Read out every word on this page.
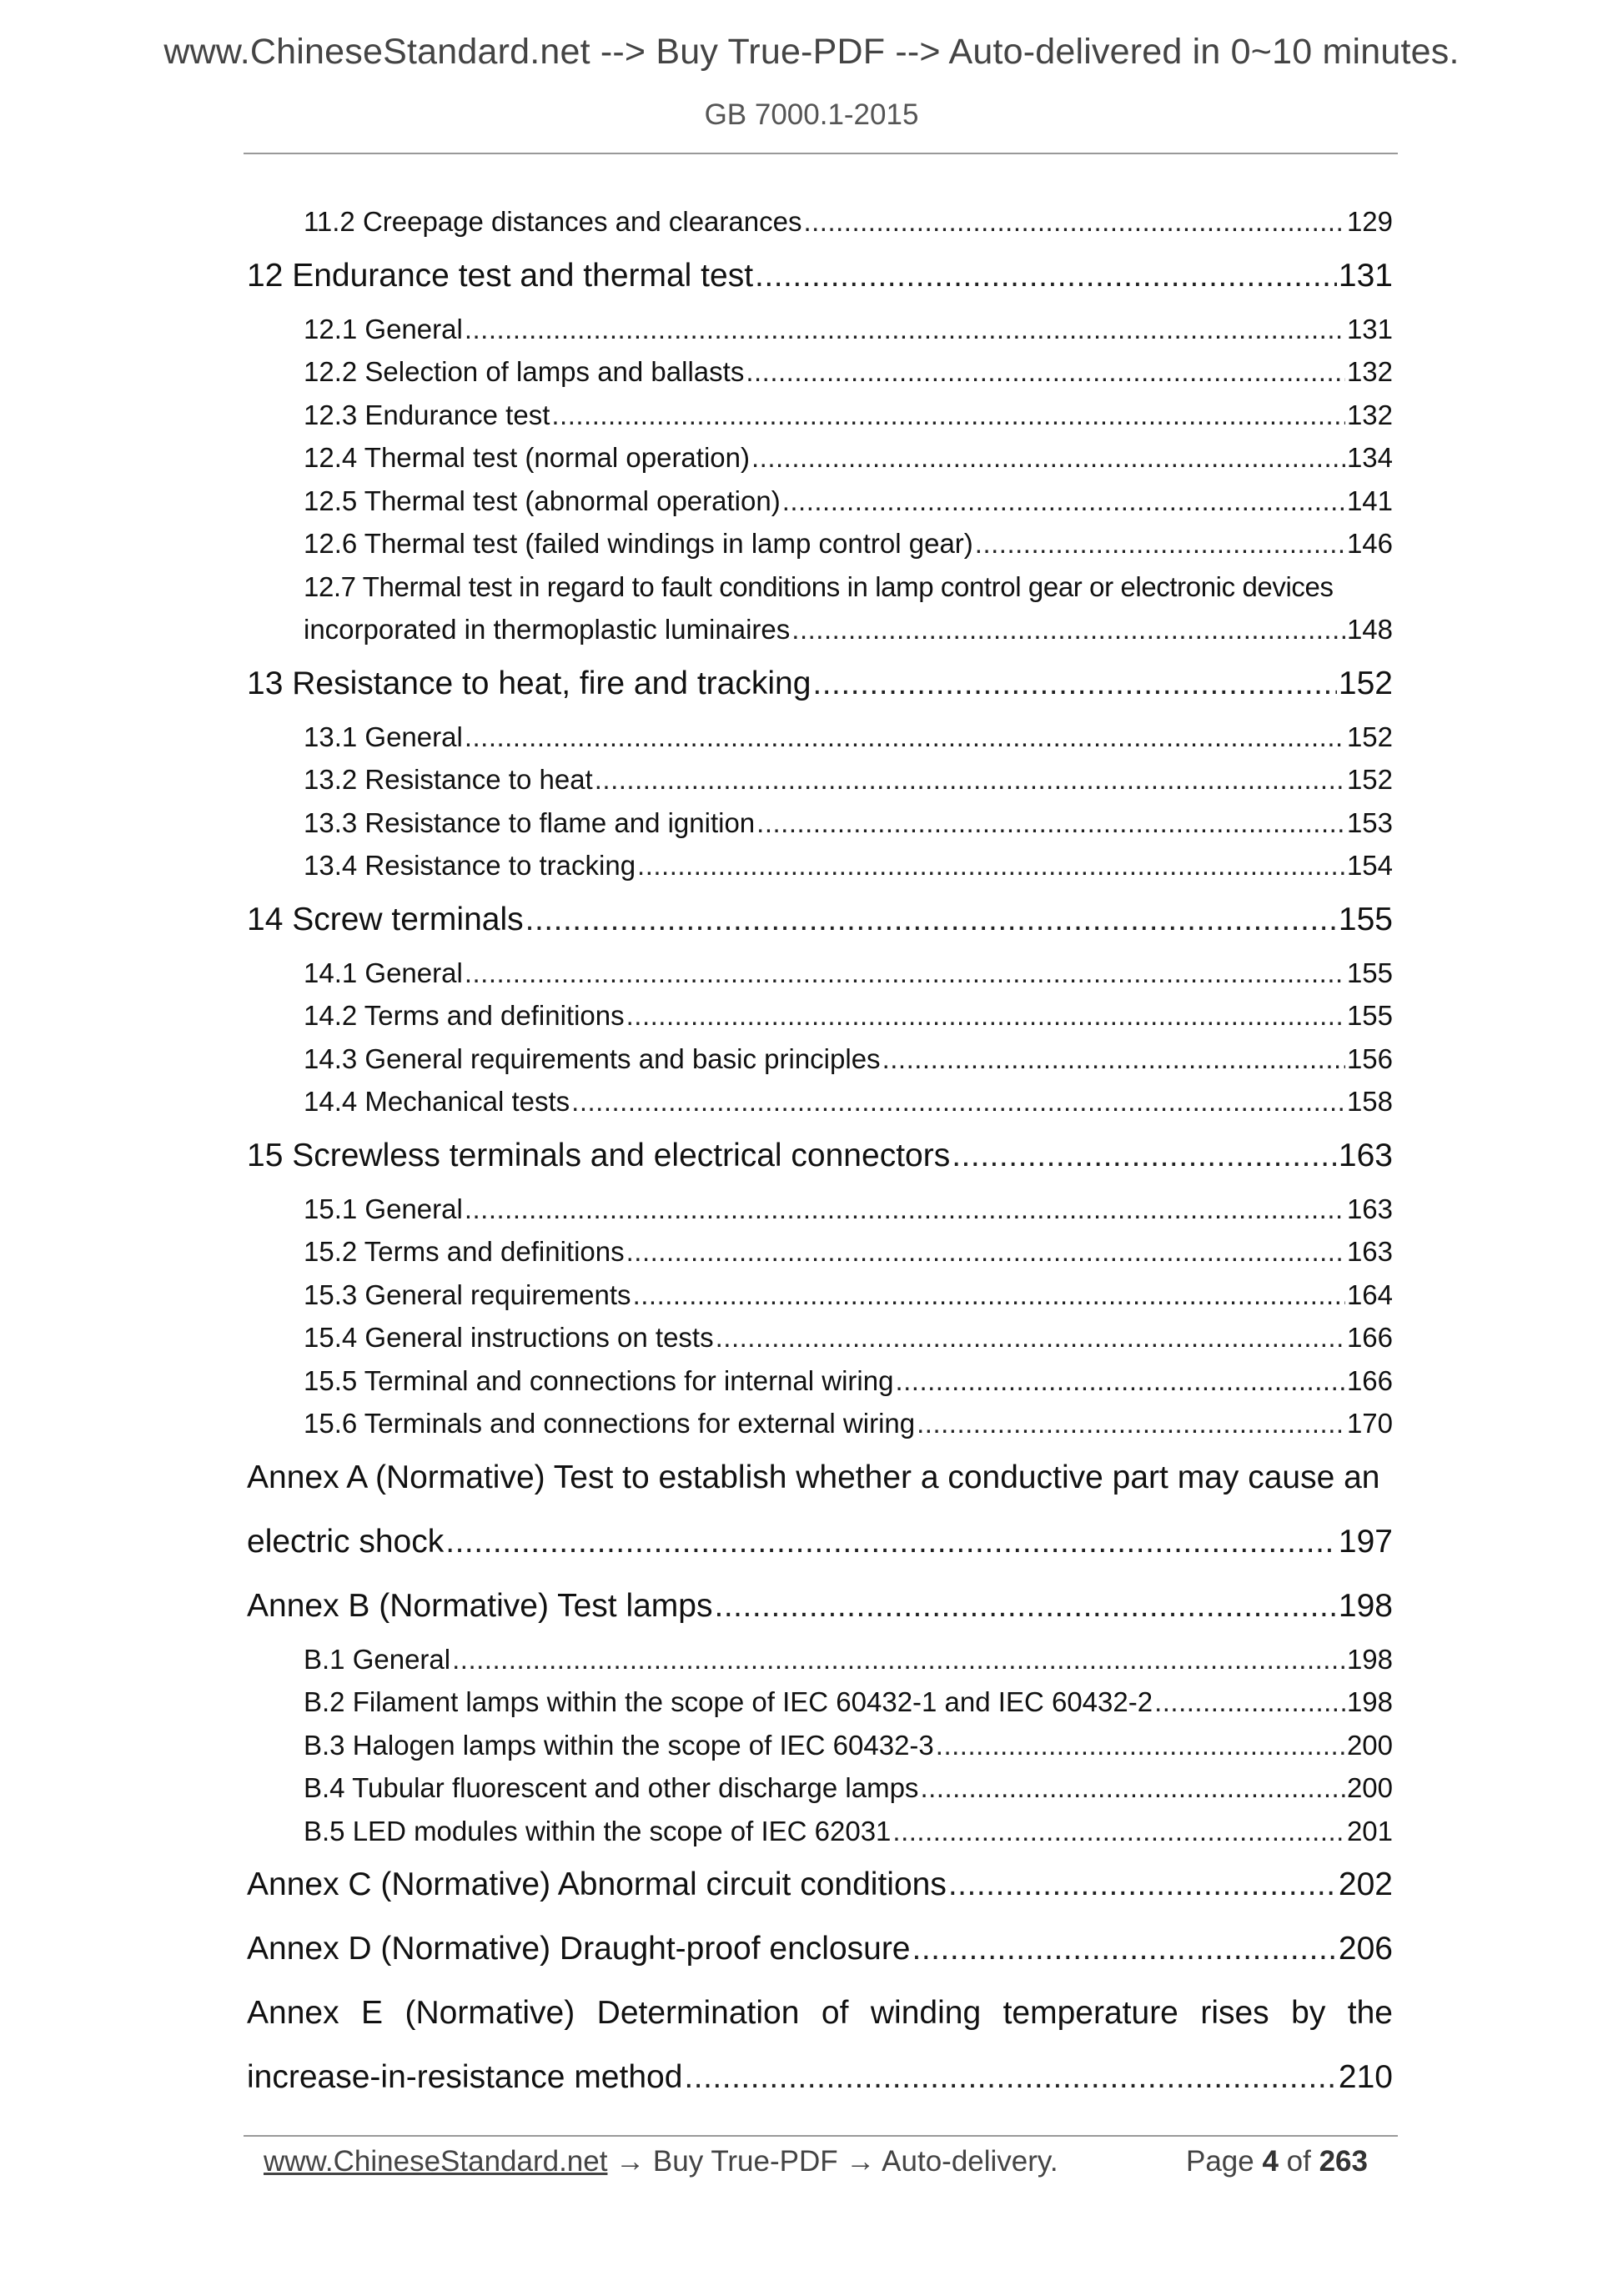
www.ChineseStandard.net --> Buy True-PDF --> Auto-delivered in 0~10 minutes.
GB 7000.1-2015
11.2 Creepage distances and clearances .....	129
12 Endurance test and thermal test .....	131
12.1 General .....	131
12.2 Selection of lamps and ballasts .....	132
12.3 Endurance test .....	132
12.4 Thermal test (normal operation) .....	134
12.5 Thermal test (abnormal operation) .....	141
12.6 Thermal test (failed windings in lamp control gear) .....	146
12.7 Thermal test in regard to fault conditions in lamp control gear or electronic devices
incorporated in thermoplastic luminaires .....	148
13 Resistance to heat, fire and tracking .....	152
13.1 General .....	152
13.2 Resistance to heat .....	152
13.3 Resistance to flame and ignition .....	153
13.4 Resistance to tracking .....	154
14 Screw terminals .....	155
14.1 General .....	155
14.2 Terms and definitions .....	155
14.3 General requirements and basic principles .....	156
14.4 Mechanical tests .....	158
15 Screwless terminals and electrical connectors .....	163
15.1 General .....	163
15.2 Terms and definitions .....	163
15.3 General requirements .....	164
15.4 General instructions on tests .....	166
15.5 Terminal and connections for internal wiring .....	166
15.6 Terminals and connections for external wiring .....	170
Annex A (Normative) Test to establish whether a conductive part may cause an
electric shock .....	197
Annex B (Normative) Test lamps .....	198
B.1 General .....	198
B.2 Filament lamps within the scope of IEC 60432-1 and IEC 60432-2 .....	198
B.3 Halogen lamps within the scope of IEC 60432-3 .....	200
B.4 Tubular fluorescent and other discharge lamps .....	200
B.5 LED modules within the scope of IEC 62031 .....	201
Annex C (Normative) Abnormal circuit conditions .....	202
Annex D (Normative) Draught-proof enclosure .....	206
Annex E (Normative) Determination of winding temperature rises by the
increase-in-resistance method .....	210
www.ChineseStandard.net → Buy True-PDF → Auto-delivery.	Page 4 of 263
